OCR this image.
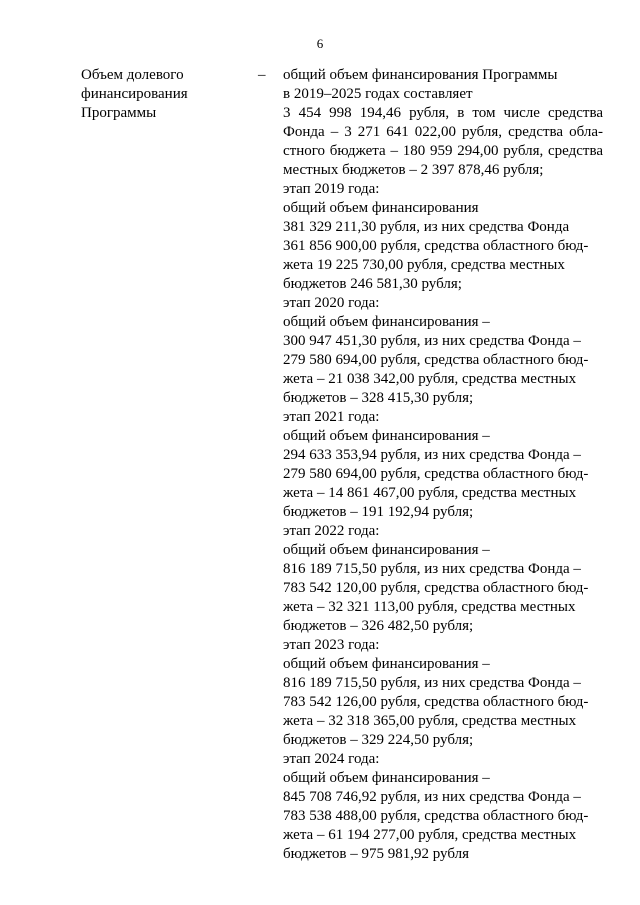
6
Объем долевого
финансирования
Программы
– общий объем финансирования Программы
в 2019–2025 годах составляет
3 454 998 194,46 рубля, в том числе средства
Фонда – 3 271 641 022,00 рубля, средства обла-
стного бюджета – 180 959 294,00 рубля, средства
местных бюджетов – 2 397 878,46 рубля;
этап 2019 года:
общий объем финансирования
381 329 211,30 рубля, из них средства Фонда
361 856 900,00 рубля, средства областного бюд-
жета 19 225 730,00 рубля, средства местных
бюджетов 246 581,30 рубля;
этап 2020 года:
общий объем финансирования –
300 947 451,30 рубля, из них средства Фонда –
279 580 694,00 рубля, средства областного бюд-
жета – 21 038 342,00 рубля, средства местных
бюджетов – 328 415,30 рубля;
этап 2021 года:
общий объем финансирования –
294 633 353,94 рубля, из них средства Фонда –
279 580 694,00 рубля, средства областного бюд-
жета – 14 861 467,00 рубля, средства местных
бюджетов – 191 192,94 рубля;
этап 2022 года:
общий объем финансирования –
816 189 715,50 рубля, из них средства Фонда –
783 542 120,00 рубля, средства областного бюд-
жета – 32 321 113,00 рубля, средства местных
бюджетов – 326 482,50 рубля;
этап 2023 года:
общий объем финансирования –
816 189 715,50 рубля, из них средства Фонда –
783 542 126,00 рубля, средства областного бюд-
жета – 32 318 365,00 рубля, средства местных
бюджетов – 329 224,50 рубля;
этап 2024 года:
общий объем финансирования –
845 708 746,92 рубля, из них средства Фонда –
783 538 488,00 рубля, средства областного бюд-
жета – 61 194 277,00 рубля, средства местных
бюджетов – 975 981,92 рубля
